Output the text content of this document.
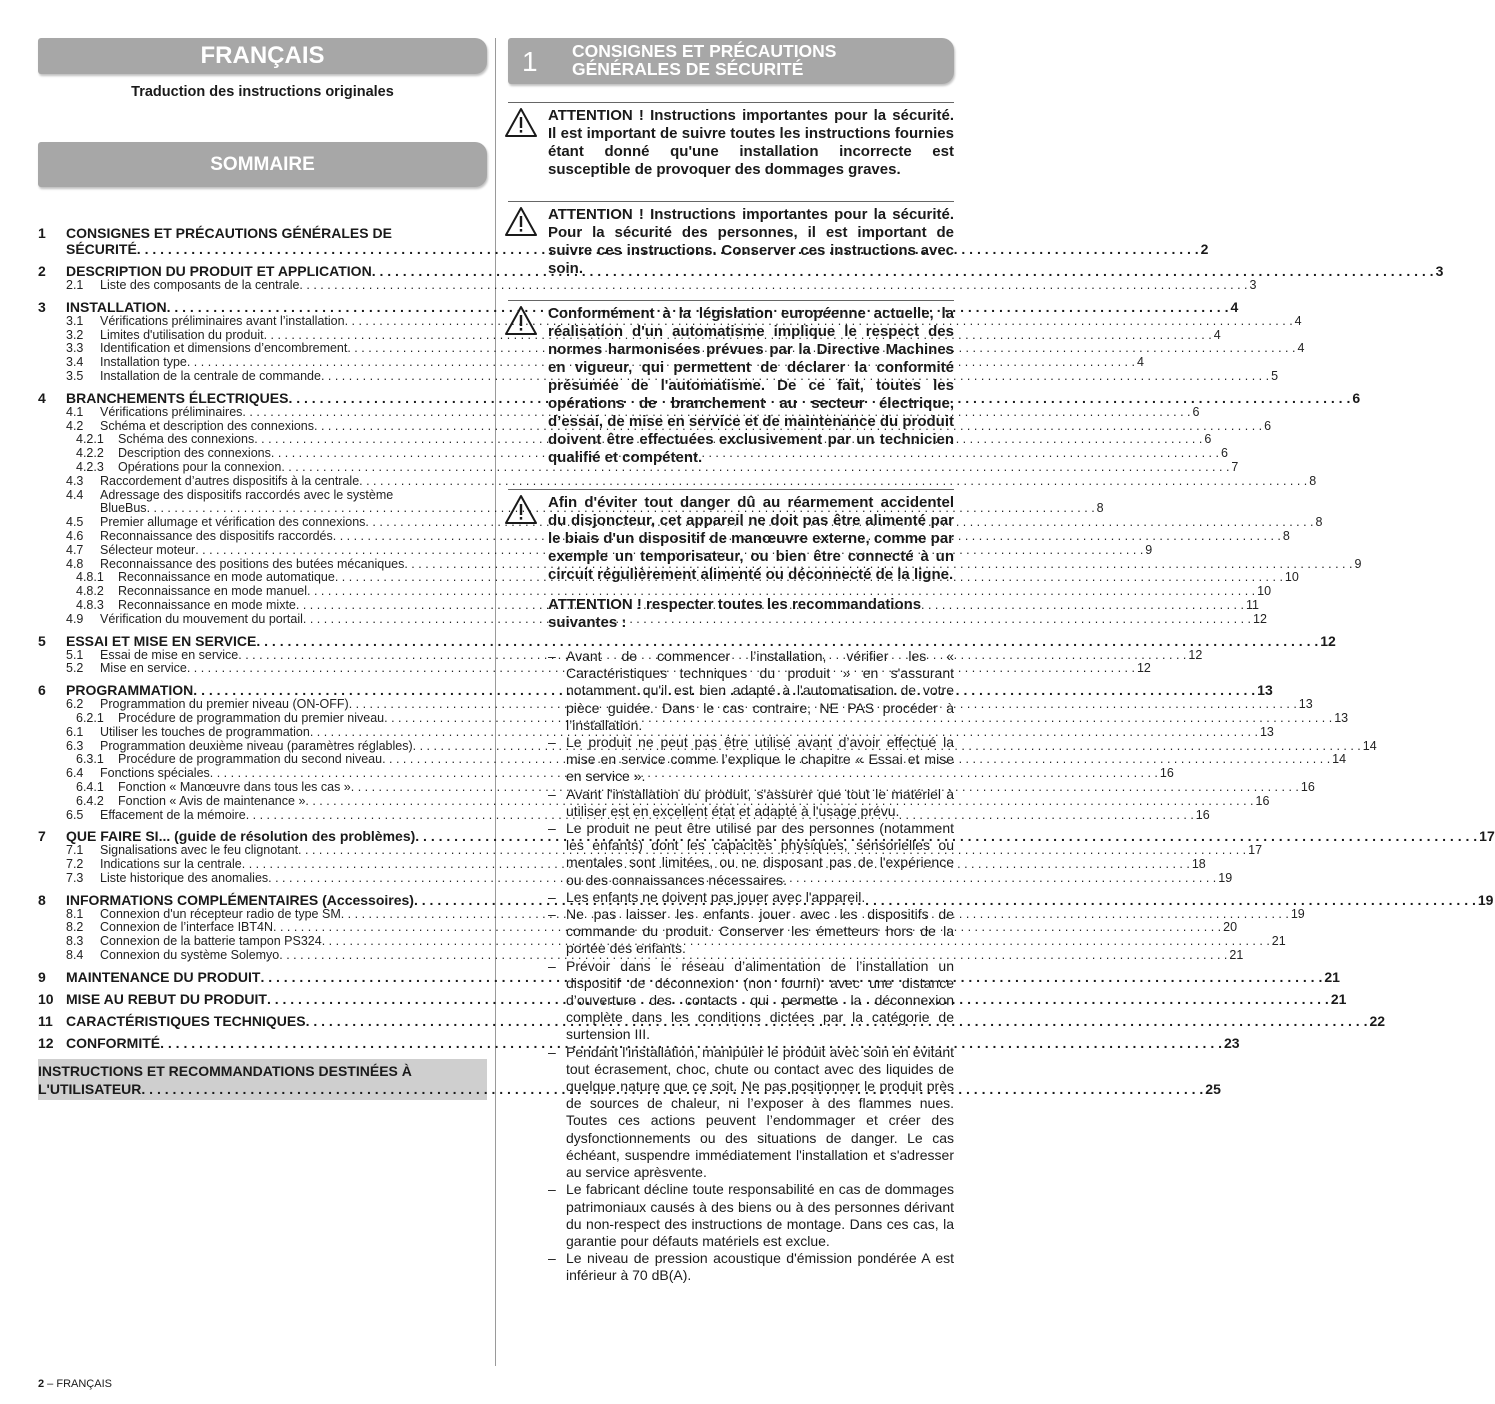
FRANÇAIS
Traduction des instructions originales
SOMMAIRE
1	CONSIGNES ET PRÉCAUTIONS GÉNÉRALES DE
SÉCURITÉ . . .	2
2	DESCRIPTION DU PRODUIT ET APPLICATION . . .	3
2.1	Liste des composants de la centrale . . .	3
3	INSTALLATION . . .	4
3.1	Vérifications préliminaires avant l’installation . . .	4
3.2	Limites d'utilisation du produit . . .	4
3.3	Identification et dimensions d’encombrement . . .	4
3.4	Installation type . . .	4
3.5	Installation de la centrale de commande . . .	5
4	BRANCHEMENTS ÉLECTRIQUES . . .	6
4.1	Vérifications préliminaires . . .	6
4.2	Schéma et description des connexions . . .	6
4.2.1	Schéma des connexions . . .	6
4.2.2	Description des connexions . . .	6
4.2.3	Opérations pour la connexion . . .	7
4.3	Raccordement d’autres dispositifs à la centrale . . .	8
4.4	Adressage des dispositifs raccordés avec le système
BlueBus . . .	8
4.5	Premier allumage et vérification des connexions . . .	8
4.6	Reconnaissance des dispositifs raccordés . . .	8
4.7	Sélecteur moteur . . .	9
4.8	Reconnaissance des positions des butées mécaniques . . .	9
4.8.1	Reconnaissance en mode automatique . . .	10
4.8.2	Reconnaissance en mode manuel . . .	10
4.8.3	Reconnaissance en mode mixte . . .	11
4.9	Vérification du mouvement du portail . . .	12
5	ESSAI ET MISE EN SERVICE . . .	12
5.1	Essai de mise en service . . .	12
5.2	Mise en service . . .	12
6	PROGRAMMATION . . .	13
6.2	Programmation du premier niveau (ON-OFF) . . .	13
6.2.1	Procédure de programmation du premier niveau . . .	13
6.1	Utiliser les touches de programmation . . .	13
6.3	Programmation deuxième niveau (paramètres réglables) . . .	14
6.3.1	Procédure de programmation du second niveau . . .	14
6.4	Fonctions spéciales . . .	16
6.4.1	Fonction « Manœuvre dans tous les cas » . . .	16
6.4.2	Fonction « Avis de maintenance » . . .	16
6.5	Effacement de la mémoire . . .	16
7	QUE FAIRE SI... (guide de résolution des problèmes) . . .	17
7.1	Signalisations avec le feu clignotant . . .	17
7.2	Indications sur la centrale . . .	18
7.3	Liste historique des anomalies . . .	19
8	INFORMATIONS COMPLÉMENTAIRES (Accessoires) . . .	19
8.1	Connexion d'un récepteur radio de type SM . . .	19
8.2	Connexion de l’interface IBT4N . . .	20
8.3	Connexion de la batterie tampon PS324 . . .	21
8.4	Connexion du système Solemyo . . .	21
9	MAINTENANCE DU PRODUIT . . .	21
10 MISE AU REBUT DU PRODUIT . . .	21
11 CARACTÉRISTIQUES TECHNIQUES . . .	22
12 CONFORMITÉ . . .	23
INSTRUCTIONS ET RECOMMANDATIONS DESTINÉES À
L'UTILISATEUR . . .	25
1 CONSIGNES ET PRÉCAUTIONS
GÉNÉRALES DE SÉCURITÉ

ATTENTION ! Instructions importantes pour la sécurité. Il est important de suivre toutes les instructions fournies étant donné qu'une installation incorrecte est susceptible de provoquer des dommages graves.

ATTENTION ! Instructions importantes pour la sécurité. Pour la sécurité des personnes, il est important de suivre ces instructions. Conserver ces instructions avec soin.

Conformément à la législation européenne actuelle, la réalisation d'un automatisme implique le respect des normes harmonisées prévues par la Directive Machines en vigueur, qui permettent de déclarer la conformité présumée de l'automatisme. De ce fait, toutes les opérations de branchement au secteur électrique, d’essai, de mise en service et de maintenance du produit doivent être effectuées exclusivement par un technicien qualifié et compétent.

Afin d'éviter tout danger dû au réarmement accidentel du disjoncteur, cet appareil ne doit pas être alimenté par le biais d'un dispositif de manœuvre externe, comme par exemple un temporisateur, ou bien être connecté à un circuit régulièrement alimenté ou déconnecté de la ligne.

ATTENTION ! respecter toutes les recommandations suivantes :
– Avant de commencer l’installation, vérifier les « Caractéristiques techniques du produit » en s'assurant notamment qu'il est bien adapté à l'automatisation de votre pièce guidée. Dans le cas contraire, NE PAS procéder à l’installation.
– Le produit ne peut pas être utilisé avant d’avoir effectué la mise en service comme l’explique le chapitre « Essai et mise en service ».
– Avant l'installation du produit, s'assurer que tout le matériel à utiliser est en excellent état et adapté à l'usage prévu.
– Le produit ne peut être utilisé par des personnes (notamment les enfants) dont les capacités physiques, sensorielles ou mentales sont limitées, ou ne disposant pas de l'expérience ou des connaissances nécessaires.
– Les enfants ne doivent pas jouer avec l'appareil.
– Ne pas laisser les enfants jouer avec les dispositifs de commande du produit. Conserver les émetteurs hors de la portée des enfants.
– Prévoir dans le réseau d’alimentation de l’installation un dispositif de déconnexion (non fourni) avec une distance d’ouverture des contacts qui permette la déconnexion complète dans les conditions dictées par la catégorie de surtension III.
– Pendant l'installation, manipuler le produit avec soin en évitant tout écrasement, choc, chute ou contact avec des liquides de quelque nature que ce soit. Ne pas positionner le produit près de sources de chaleur, ni l’exposer à des flammes nues. Toutes ces actions peuvent l’endommager et créer des dysfonctionnements ou des situations de danger. Le cas échéant, suspendre immédiatement l'installation et s'adresser au service aprèsvente.
– Le fabricant décline toute responsabilité en cas de dommages patrimoniaux causés à des biens ou à des personnes dérivant du non-respect des instructions de montage. Dans ces cas, la garantie pour défauts matériels est exclue.
– Le niveau de pression acoustique d'émission pondérée A est inférieur à 70 dB(A).
2 – FRANÇAIS
